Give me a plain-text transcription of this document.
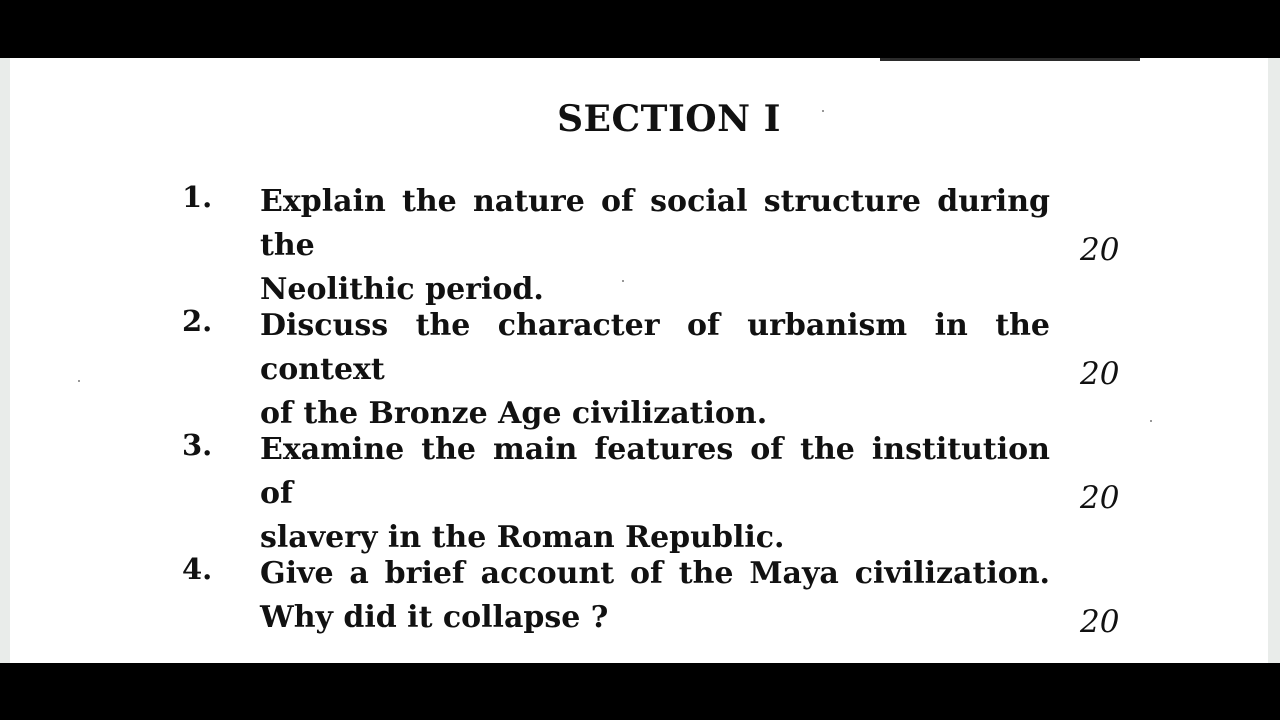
SECTION I
1. Explain the nature of social structure during the
Neolithic period.
20
2. Discuss the character of urbanism in the context
of the Bronze Age civilization.
20
3. Examine the main features of the institution of
slavery in the Roman Republic.
20
4. Give a brief account of the Maya civilization.
Why did it collapse ?	20
